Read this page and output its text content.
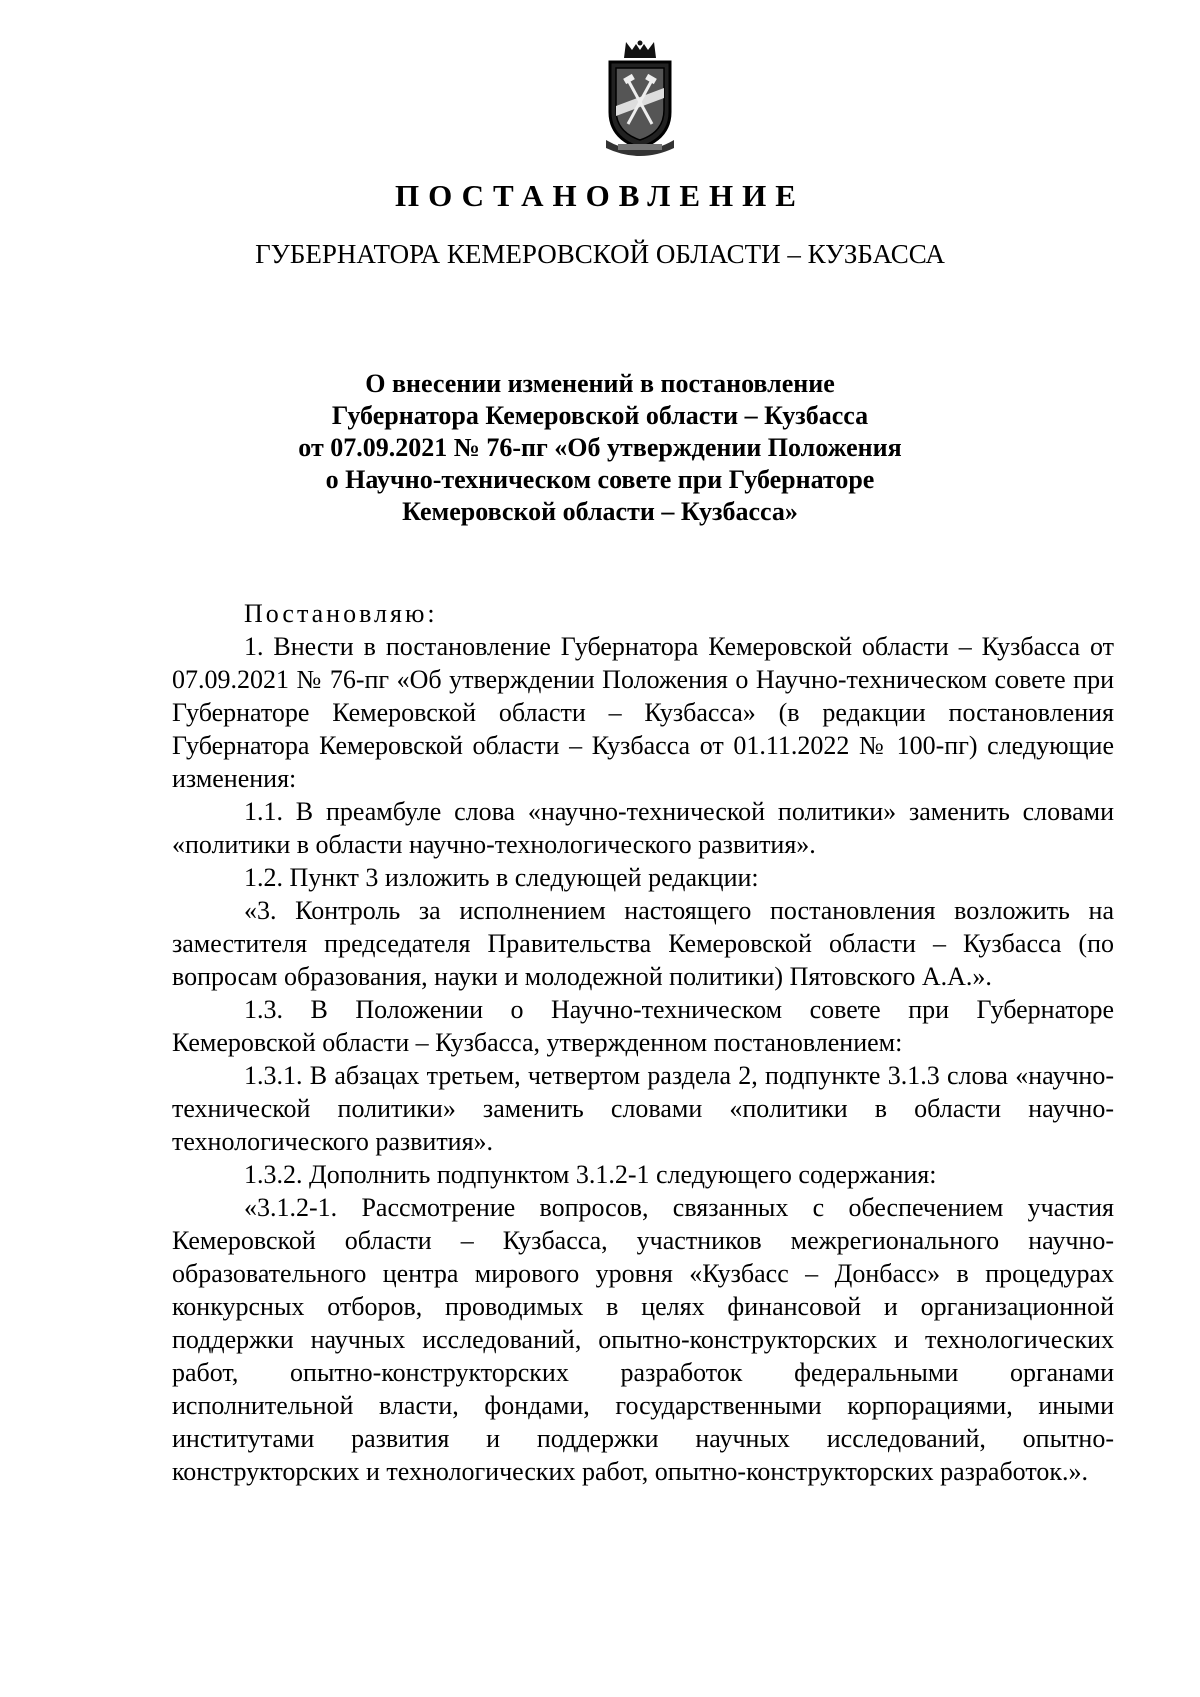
ПОСТАНОВЛЕНИЕ
ГУБЕРНАТОРА КЕМЕРОВСКОЙ ОБЛАСТИ – КУЗБАССА
О внесении изменений в постановление
Губернатора Кемеровской области – Кузбасса
от 07.09.2021 № 76-пг «Об утверждении Положения
о Научно-техническом совете при Губернаторе
Кемеровской области – Кузбасса»

Постановляю:

1. Внести в постановление Губернатора Кемеровской области – Кузбасса от 07.09.2021 № 76-пг «Об утверждении Положения о Научно-техническом совете при Губернаторе Кемеровской области – Кузбасса» (в редакции постановления Губернатора Кемеровской области – Кузбасса от 01.11.2022 № 100-пг) следующие изменения:

1.1. В преамбуле слова «научно-технической политики» заменить словами «политики в области научно-технологического развития».

1.2. Пункт 3 изложить в следующей редакции:

«3. Контроль за исполнением настоящего постановления возложить на заместителя председателя Правительства Кемеровской области – Кузбасса (по вопросам образования, науки и молодежной политики) Пятовского А.А.».

1.3. В Положении о Научно-техническом совете при Губернаторе Кемеровской области – Кузбасса, утвержденном постановлением:

1.3.1. В абзацах третьем, четвертом раздела 2, подпункте 3.1.3 слова «научно-технической политики» заменить словами «политики в области научно-технологического развития».

1.3.2. Дополнить подпунктом 3.1.2-1 следующего содержания:

«3.1.2-1. Рассмотрение вопросов, связанных с обеспечением участия Кемеровской области – Кузбасса, участников межрегионального научно-образовательного центра мирового уровня «Кузбасс – Донбасс» в процедурах конкурсных отборов, проводимых в целях финансовой и организационной поддержки научных исследований, опытно-конструкторских и технологических работ, опытно-конструкторских разработок федеральными органами исполнительной власти, фондами, государственными корпорациями, иными институтами развития и поддержки научных исследований, опытно-конструкторских и технологических работ, опытно-конструкторских разработок.».
